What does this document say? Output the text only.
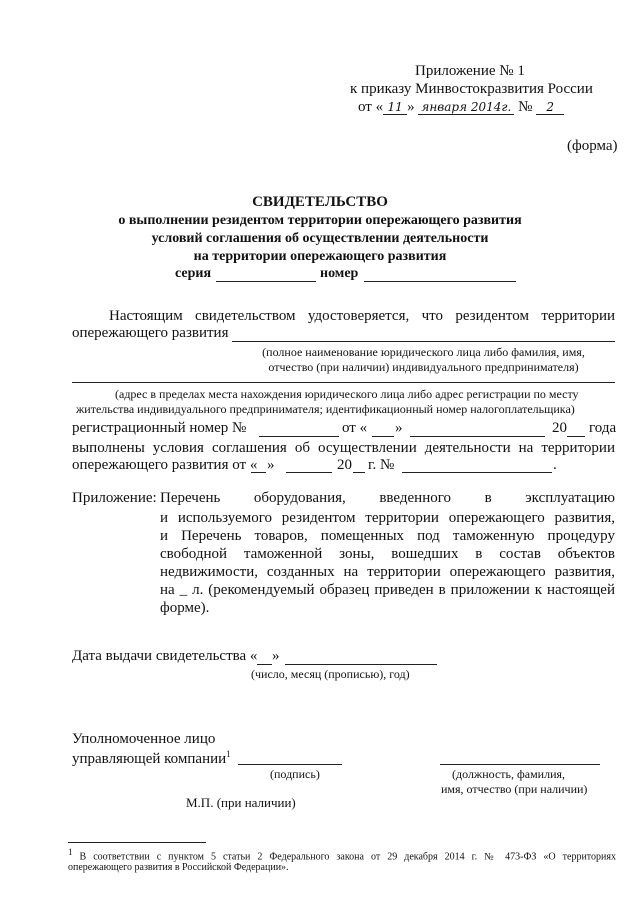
Приложение № 1
к приказу Минвостокразвития России
от « 11 » января 2014г. № 2
(форма)
СВИДЕТЕЛЬСТВО
о выполнении резидентом территории опережающего развития
условий соглашения об осуществлении деятельности
на территории опережающего развития
серия	номер
Настоящим свидетельством удостоверяется, что резидентом территории
опережающего развития
(полное наименование юридического лица либо фамилия, имя,
отчество (при наличии) индивидуального предпринимателя)
(адрес в пределах места нахождения юридического лица либо адрес регистрации по месту
жительства индивидуального предпринимателя; идентификационный номер налогоплательщика)
регистрационный номер №	от « »	20 года
выполнены условия соглашения об осуществлении деятельности на территории
опережающего развития от « »	20 г. №	.
Приложение: Перечень оборудования, введенного в эксплуатацию
и используемого резидентом территории опережающего развития,
и Перечень товаров, помещенных под таможенную процедуру
свободной таможенной зоны, вошедших в состав объектов
недвижимости, созданных на территории опережающего развития,
на _ л. (рекомендуемый образец приведен в приложении к настоящей
форме).
Дата выдачи свидетельства « »
(число, месяц (прописью), год)
Уполномоченное лицо
управляющей компании$^1$
(подпись)	(должность, фамилия,
имя, отчество (при наличии)
М.П. (при наличии)
1 В соответствии с пунктом 5 статьи 2 Федерального закона от 29 декабря 2014 г. № 473-ФЗ «О территориях
опережающего развития в Российской Федерации».
